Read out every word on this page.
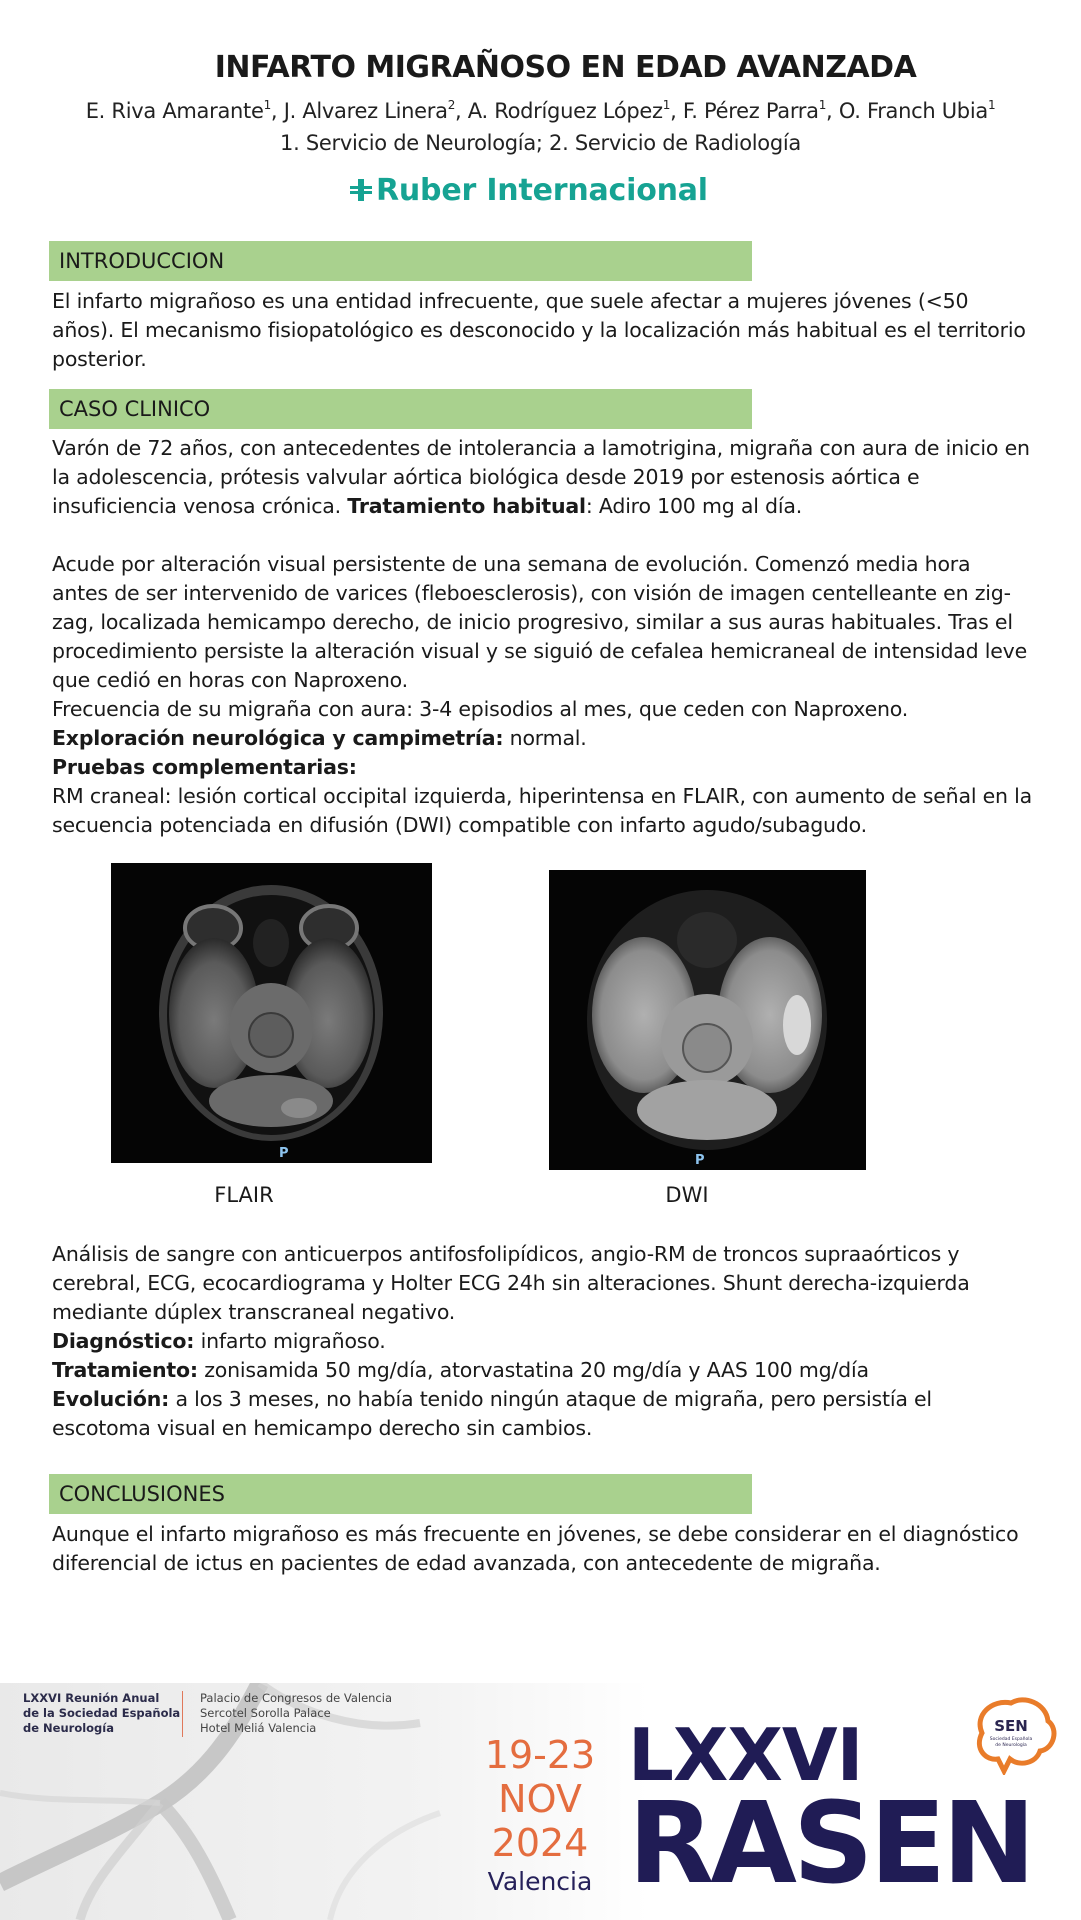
INFARTO MIGRAÑOSO EN EDAD AVANZADA
E. Riva Amarante$^1$, J. Alvarez Linera$^2$, A. Rodríguez López$^1$, F. Pérez Parra$^1$, O. Franch Ubia$^1$
1. Servicio de Neurología; 2. Servicio de Radiología
Ruber Internacional
INTRODUCCION

El infarto migrañoso es una entidad infrecuente, que suele afectar a mujeres jóvenes (<50 años). El mecanismo fisiopatológico es desconocido y la localización más habitual es el territorio posterior.

CASO CLINICO

Varón de 72 años, con antecedentes de intolerancia a lamotrigina, migraña con aura de inicio en la adolescencia, prótesis valvular aórtica biológica desde 2019 por estenosis aórtica e insuficiencia venosa crónica. Tratamiento habitual: Adiro 100 mg al día.

Acude por alteración visual persistente de una semana de evolución. Comenzó media hora antes de ser intervenido de varices (fleboesclerosis), con visión de imagen centelleante en zig-zag, localizada hemicampo derecho, de inicio progresivo, similar a sus auras habituales. Tras el procedimiento persiste la alteración visual y se siguió de cefalea hemicraneal de intensidad leve que cedió en horas con Naproxeno.

Frecuencia de su migraña con aura: 3-4 episodios al mes, que ceden con Naproxeno.

Exploración neurológica y campimetría: normal.

Pruebas complementarias:

RM craneal: lesión cortical occipital izquierda, hiperintensa en FLAIR, con aumento de señal en la secuencia potenciada en difusión (DWI) compatible con infarto agudo/subagudo.

P	P
FLAIR	DWI

Análisis de sangre con anticuerpos antifosfolipídicos, angio-RM de troncos supraaórticos y cerebral, ECG, ecocardiograma y Holter ECG 24h sin alteraciones. Shunt derecha-izquierda mediante dúplex transcraneal negativo.

Diagnóstico: infarto migrañoso.

Tratamiento: zonisamida 50 mg/día, atorvastatina 20 mg/día y AAS 100 mg/día

Evolución: a los 3 meses, no había tenido ningún ataque de migraña, pero persistía el escotoma visual en hemicampo derecho sin cambios.

CONCLUSIONES

Aunque el infarto migrañoso es más frecuente en jóvenes, se debe considerar en el diagnóstico diferencial de ictus en pacientes de edad avanzada, con antecedente de migraña.

LXXVI Reunión Anual
de la Sociedad Española
de Neurología
Palacio de Congresos de Valencia
Sercotel Sorolla Palace
Hotel Meliá Valencia
19-23
NOV
2024
Valencia
LXXVI
RASEN
SEN
Sociedad Española
de Neurología
